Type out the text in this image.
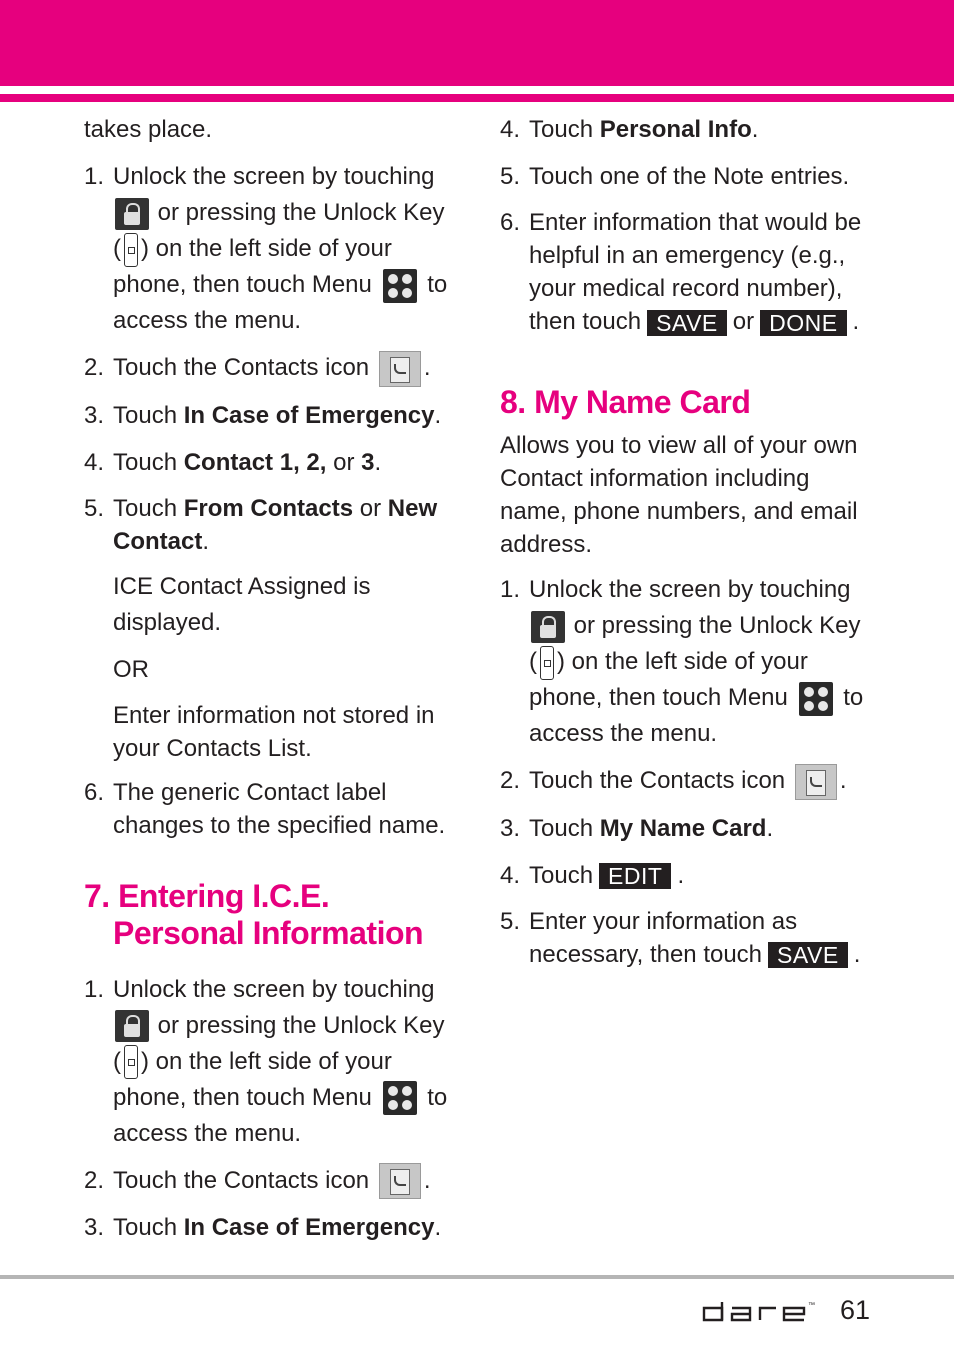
takes place.

1. Unlock the screen by touching
or pressing the Unlock Key
( ) on the left side of your
phone, then touch Menu to
access the menu.
2. Touch the Contacts icon .
3. Touch In Case of Emergency.
4. Touch Contact 1, 2, or 3.
5. Touch From Contacts or New Contact.

ICE Contact Assigned is displayed.

OR

Enter information not stored in your Contacts List.

6. The generic Contact label changes to the specified name.
7. Entering I.C.E. Personal Information
1. Unlock the screen by touching
or pressing the Unlock Key
( ) on the left side of your
phone, then touch Menu to
access the menu.
2. Touch the Contacts icon .
3. Touch In Case of Emergency.
4. Touch Personal Info.
5. Touch one of the Note entries.
6. Enter information that would be helpful in an emergency (e.g., your medical record number), then touch SAVE or DONE .
8. My Name Card

Allows you to view all of your own Contact information including name, phone numbers, and email address.

1. Unlock the screen by touching
or pressing the Unlock Key
( ) on the left side of your
phone, then touch Menu to
access the menu.
2. Touch the Contacts icon .
3. Touch My Name Card.
4. Touch EDIT .
5. Enter your information as necessary, then touch SAVE .
™ 61
